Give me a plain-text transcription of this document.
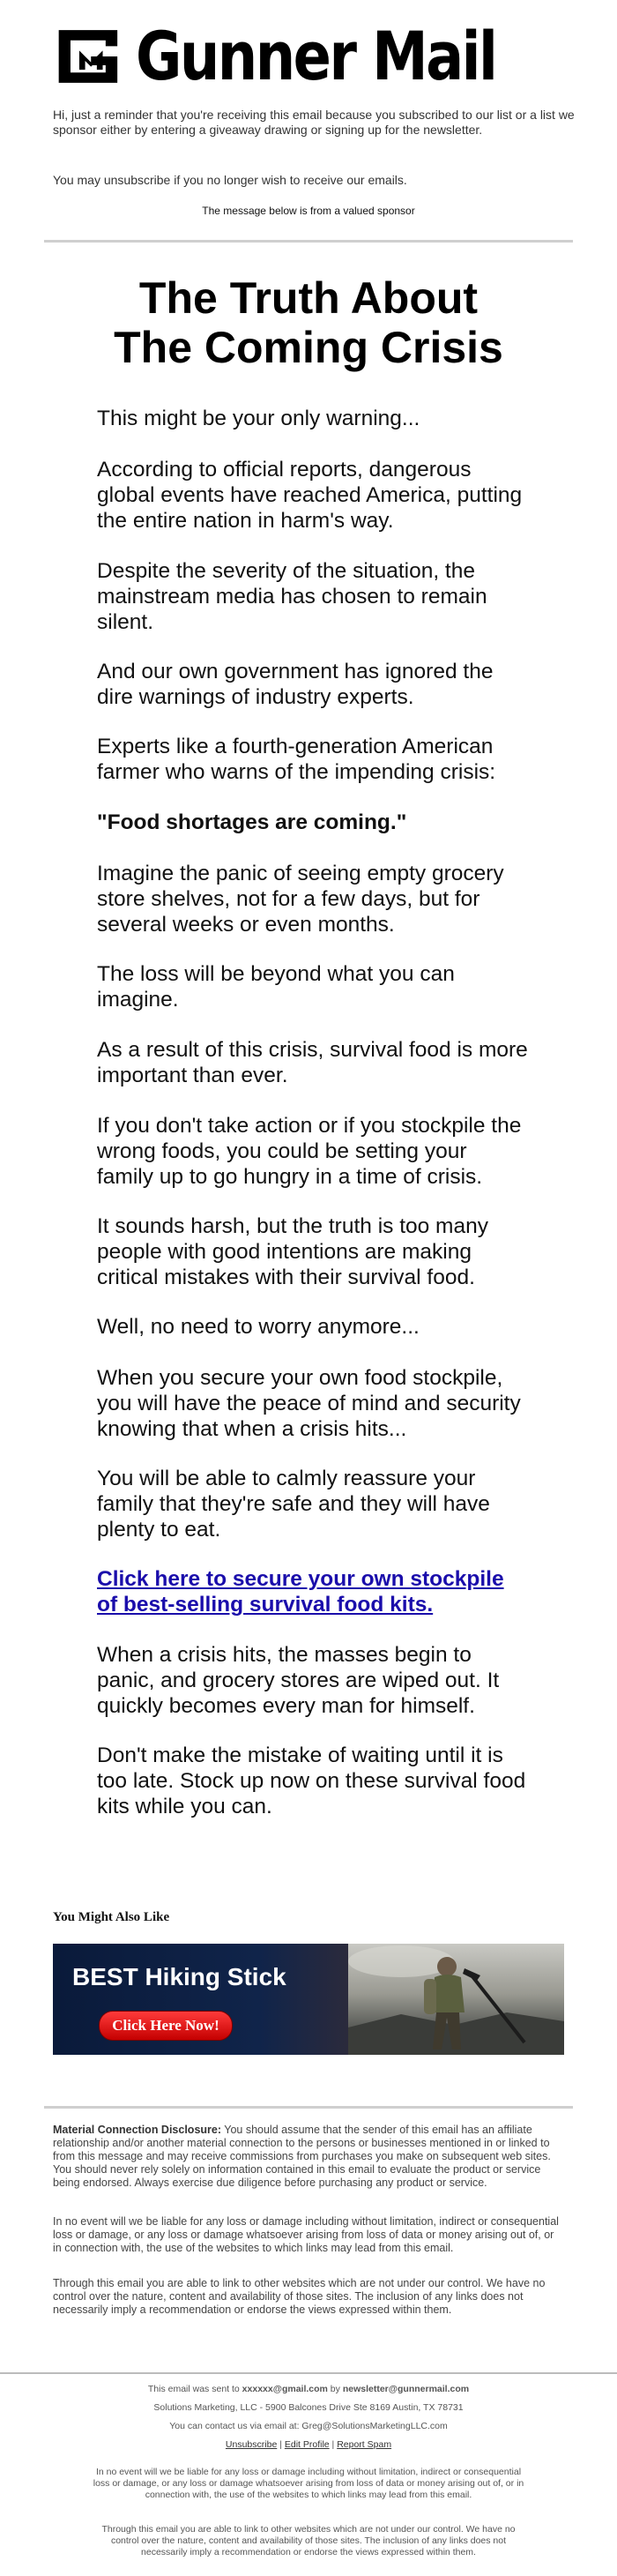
Gunner Mail

Hi, just a reminder that you're receiving this email because you subscribed to our list or a list we sponsor either by entering a giveaway drawing or signing up for the newsletter.

You may unsubscribe if you no longer wish to receive our emails.

The message below is from a valued sponsor

The Truth About
The Coming Crisis

This might be your only warning...

According to official reports, dangerous global events have reached America, putting the entire nation in harm's way.

Despite the severity of the situation, the mainstream media has chosen to remain silent.

And our own government has ignored the dire warnings of industry experts.

Experts like a fourth-generation American farmer who warns of the impending crisis:

"Food shortages are coming."

Imagine the panic of seeing empty grocery store shelves, not for a few days, but for several weeks or even months.

The loss will be beyond what you can imagine.

As a result of this crisis, survival food is more important than ever.

If you don't take action or if you stockpile the wrong foods, you could be setting your family up to go hungry in a time of crisis.

It sounds harsh, but the truth is too many people with good intentions are making critical mistakes with their survival food.

Well, no need to worry anymore...

When you secure your own food stockpile, you will have the peace of mind and security knowing that when a crisis hits...

You will be able to calmly reassure your family that they're safe and they will have plenty to eat.

Click here to secure your own stockpile of best-selling survival food kits.

When a crisis hits, the masses begin to panic, and grocery stores are wiped out. It quickly becomes every man for himself.

Don't make the mistake of waiting until it is too late. Stock up now on these survival food kits while you can.

You Might Also Like

BEST Hiking Stick
Click Here Now!

Material Connection Disclosure: You should assume that the sender of this email has an affiliate relationship and/or another material connection to the persons or businesses mentioned in or linked to from this message and may receive commissions from purchases you make on subsequent web sites. You should never rely solely on information contained in this email to evaluate the product or service being endorsed. Always exercise due diligence before purchasing any product or service.

In no event will we be liable for any loss or damage including without limitation, indirect or consequential loss or damage, or any loss or damage whatsoever arising from loss of data or money arising out of, or in connection with, the use of the websites to which links may lead from this email.

Through this email you are able to link to other websites which are not under our control. We have no control over the nature, content and availability of those sites. The inclusion of any links does not necessarily imply a recommendation or endorse the views expressed within them.

This email was sent to xxxxxx@gmail.com by newsletter@gunnermail.com

Solutions Marketing, LLC - 5900 Balcones Drive Ste 8169 Austin, TX 78731

You can contact us via email at: Greg@SolutionsMarketingLLC.com

Unsubscribe | Edit Profile | Report Spam

In no event will we be liable for any loss or damage including without limitation, indirect or consequential loss or damage, or any loss or damage whatsoever arising from loss of data or money arising out of, or in connection with, the use of the websites to which links may lead from this email.

Through this email you are able to link to other websites which are not under our control. We have no control over the nature, content and availability of those sites. The inclusion of any links does not necessarily imply a recommendation or endorse the views expressed within them.
